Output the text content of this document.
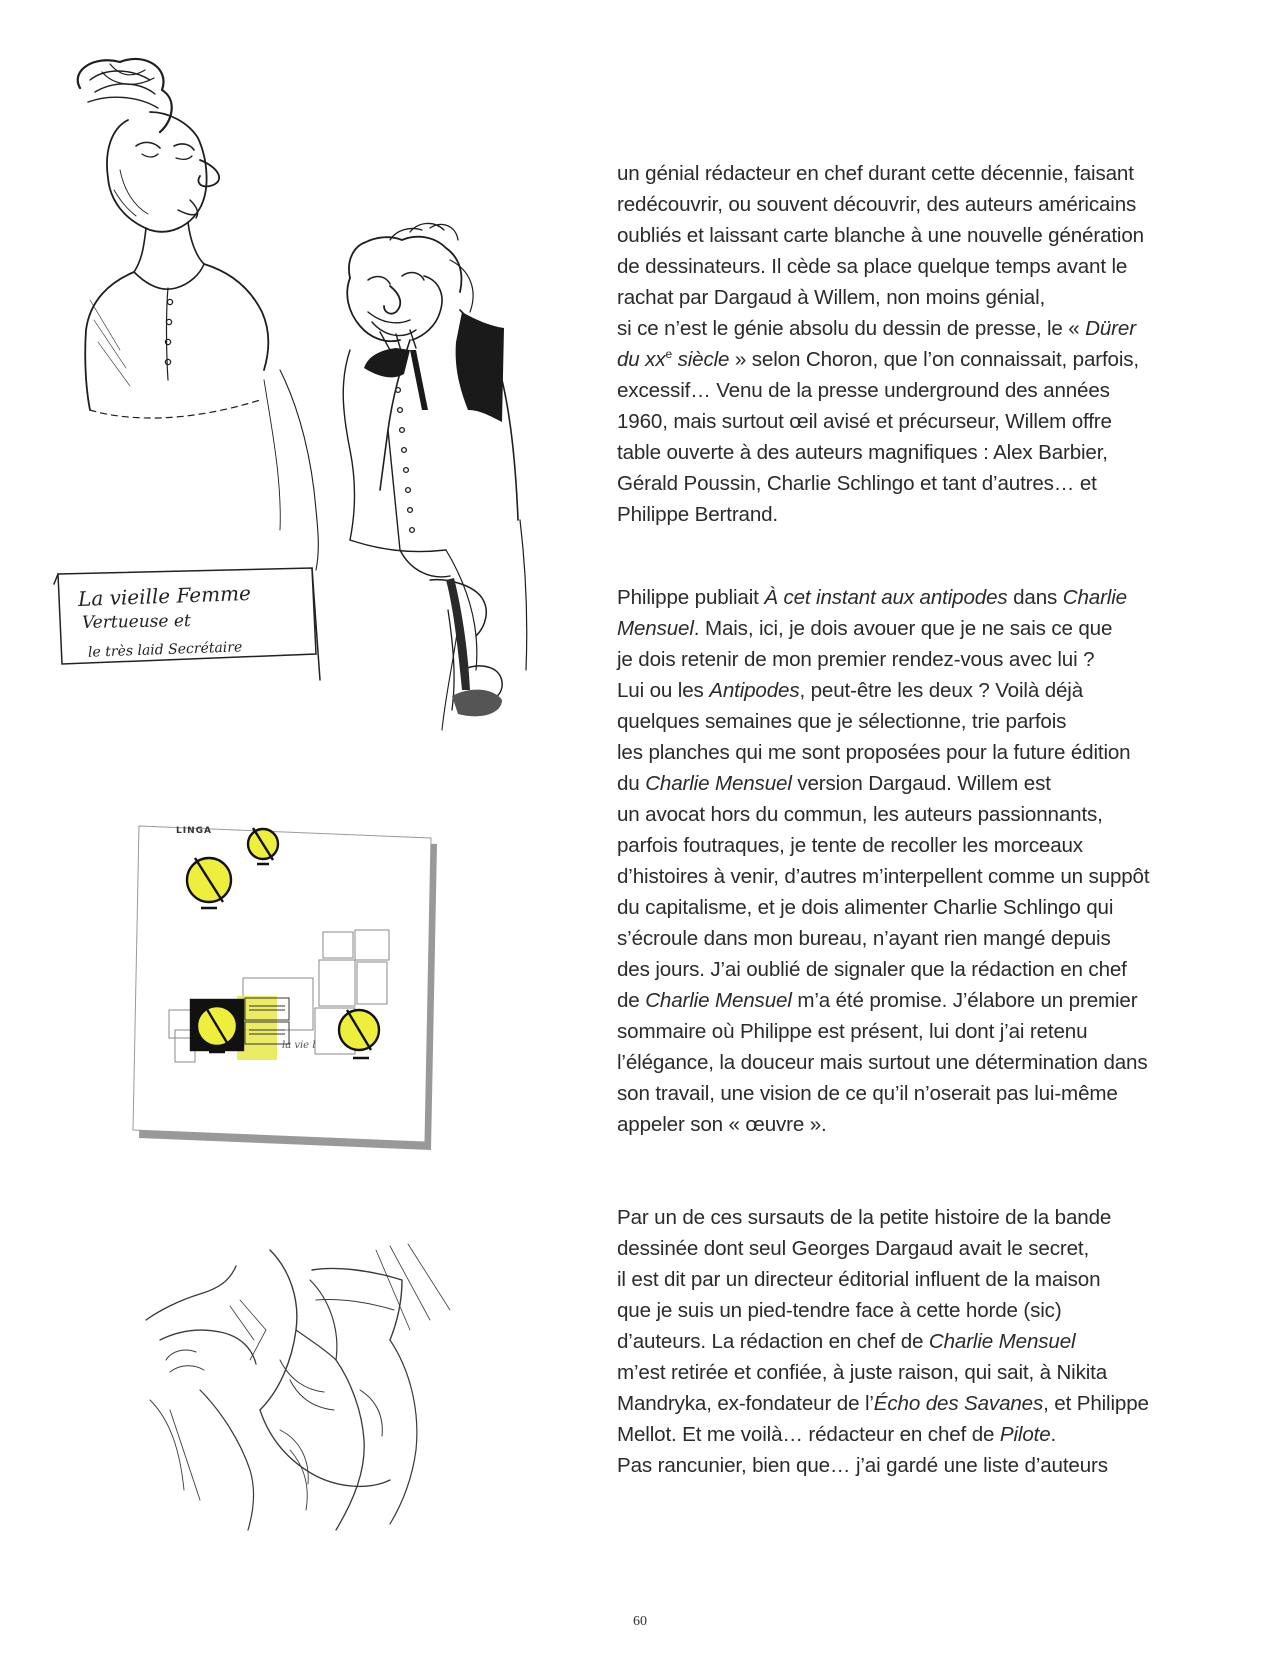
La vieille Femme
Vertueuse et
le très laid Secrétaire
LINGA
la vie l
un génial rédacteur en chef durant cette décennie, faisant
redécouvrir, ou souvent découvrir, des auteurs américains
oubliés et laissant carte blanche à une nouvelle génération
de dessinateurs. Il cède sa place quelque temps avant le
rachat par Dargaud à Willem, non moins génial,
si ce n’est le génie absolu du dessin de presse, le « Dürer
du $xx^e$ siècle » selon Choron, que l’on connaissait, parfois,
excessif… Venu de la presse underground des années
1960, mais surtout œil avisé et précurseur, Willem offre
table ouverte à des auteurs magnifiques : Alex Barbier,
Gérald Poussin, Charlie Schlingo et tant d’autres… et
Philippe Bertrand.
Philippe publiait À cet instant aux antipodes dans Charlie
Mensuel. Mais, ici, je dois avouer que je ne sais ce que
je dois retenir de mon premier rendez-vous avec lui ?
Lui ou les Antipodes, peut-être les deux ? Voilà déjà
quelques semaines que je sélectionne, trie parfois
les planches qui me sont proposées pour la future édition
du Charlie Mensuel version Dargaud. Willem est
un avocat hors du commun, les auteurs passionnants,
parfois foutraques, je tente de recoller les morceaux
d’histoires à venir, d’autres m’interpellent comme un suppôt
du capitalisme, et je dois alimenter Charlie Schlingo qui
s’écroule dans mon bureau, n’ayant rien mangé depuis
des jours. J’ai oublié de signaler que la rédaction en chef
de Charlie Mensuel m’a été promise. J’élabore un premier
sommaire où Philippe est présent, lui dont j’ai retenu
l’élégance, la douceur mais surtout une détermination dans
son travail, une vision de ce qu’il n’oserait pas lui-même
appeler son « œuvre ».
Par un de ces sursauts de la petite histoire de la bande
dessinée dont seul Georges Dargaud avait le secret,
il est dit par un directeur éditorial influent de la maison
que je suis un pied-tendre face à cette horde (sic)
d’auteurs. La rédaction en chef de Charlie Mensuel
m’est retirée et confiée, à juste raison, qui sait, à Nikita
Mandryka, ex-fondateur de l’Écho des Savanes, et Philippe
Mellot. Et me voilà… rédacteur en chef de Pilote.
Pas rancunier, bien que… j’ai gardé une liste d’auteurs
60
